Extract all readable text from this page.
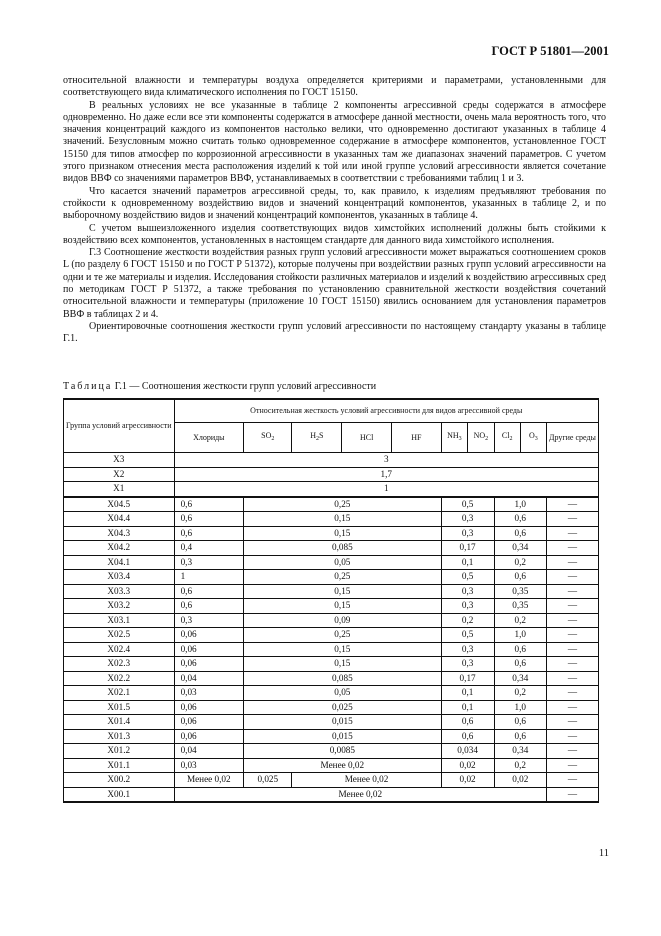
ГОСТ Р 51801—2001

относительной влажности и температуры воздуха определяется критериями и параметрами, установленными для соответствующего вида климатического исполнения по ГОСТ 15150.

В реальных условиях не все указанные в таблице 2 компоненты агрессивной среды содержатся в атмосфере одновременно. Но даже если все эти компоненты содержатся в атмосфере данной местности, очень мала вероятность того, что значения концентраций каждого из компонентов настолько велики, что одновременно достигают указанных в таблице 4 значений. Безусловным можно считать только одновременное содержание в атмосфере компонентов, установленное ГОСТ 15150 для типов атмосфер по коррозионной агрессивности в указанных там же диапазонах значений параметров. С учетом этого признаком отнесения места расположения изделий к той или иной группе условий агрессивности является сочетание видов ВВФ со значениями параметров ВВФ, устанавливаемых в соответствии с требованиями таблиц 1 и 3.

Что касается значений параметров агрессивной среды, то, как правило, к изделиям предъявляют требования по стойкости к одновременному воздействию видов и значений концентраций компонентов, указанных в таблице 2, и по выборочному воздействию видов и значений концентраций компонентов, указанных в таблице 4.

С учетом вышеизложенного изделия соответствующих видов химстойких исполнений должны быть стойкими к воздействию всех компонентов, установленных в настоящем стандарте для данного вида химстойкого исполнения.

Г.3 Соотношение жесткости воздействия разных групп условий агрессивности может выражаться соотношением сроков L (по разделу 6 ГОСТ 15150 и по ГОСТ Р 51372), которые получены при воздействии разных групп условий агрессивности на одни и те же материалы и изделия. Исследования стойкости различных материалов и изделий к воздействию агрессивных сред по методикам ГОСТ Р 51372, а также требования по установлению сравнительной жесткости воздействия сочетаний относительной влажности и температуры (приложение 10 ГОСТ 15150) явились основанием для установления параметров ВВФ в таблицах 2 и 4.

Ориентировочные соотношения жесткости групп условий агрессивности по настоящему стандарту указаны в таблице Г.1.

Таблица Г.1 — Соотношения жесткости групп условий агрессивности
Группа условий агрессивности	Относительная жесткость условий агрессивности для видов агрессивной среды									
	Хлориды	$SO_2$	$H_2S$	HCl	HF	$NH_3$	$NO_2$	$Cl_2$	$O_3$	Другие среды
Х3	3									
Х2	1,7									
Х1	1									
Х04.5	0,6	0,25				0,5		1,0		—
Х04.4	0,6	0,15				0,3		0,6		—
Х04.3	0,6	0,15				0,3		0,6		—
Х04.2	0,4	0,085				0,17		0,34		—
Х04.1	0,3	0,05				0,1		0,2		—
Х03.4	1	0,25				0,5		0,6		—
Х03.3	0,6	0,15				0,3		0,35		—
Х03.2	0,6	0,15				0,3		0,35		—
Х03.1	0,3	0,09				0,2		0,2		—
Х02.5	0,06	0,25				0,5		1,0		—
Х02.4	0,06	0,15				0,3		0,6		—
Х02.3	0,06	0,15				0,3		0,6		—
Х02.2	0,04	0,085				0,17		0,34		—
Х02.1	0,03	0,05				0,1		0,2		—
Х01.5	0,06	0,025				0,1		1,0		—
Х01.4	0,06	0,015				0,6		0,6		—
Х01.3	0,06	0,015				0,6		0,6		—
Х01.2	0,04	0,0085				0,034		0,34		—
Х01.1	0,03	Менее 0,02				0,02		0,2		—
Х00.2	Менее 0,02	0,025	Менее 0,02			0,02		0,02		—
Х00.1	Менее 0,02									—
11
